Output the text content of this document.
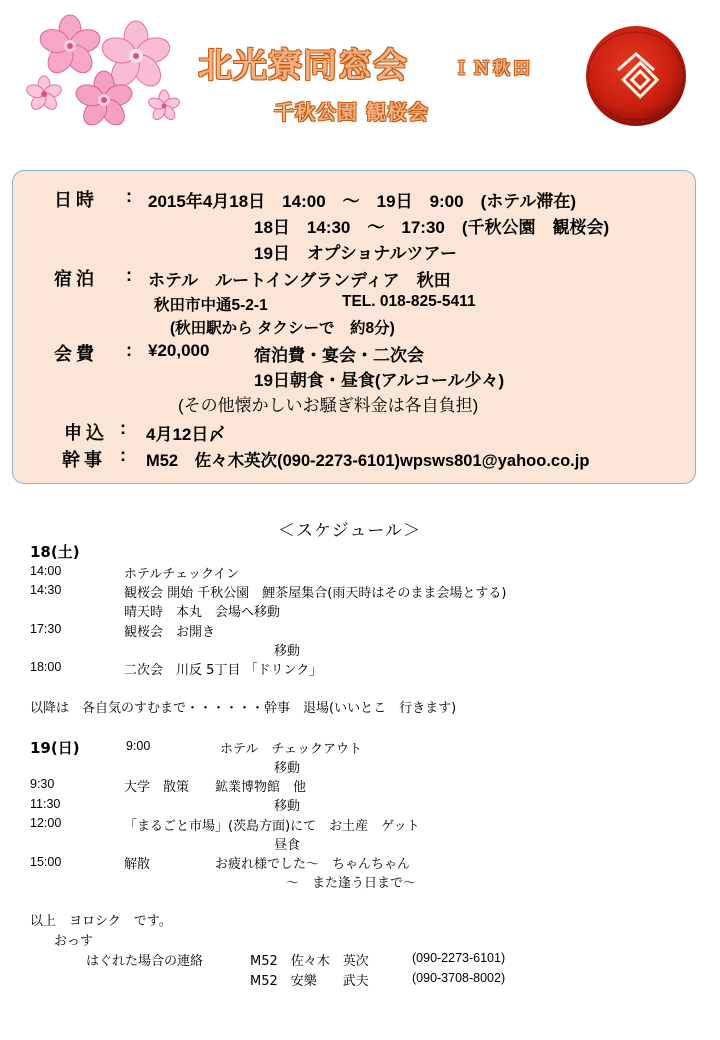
北光寮同窓会	ＩＮ秋田
千秋公園 観桜会
日時 : 2015年4月18日　14:00　～　19日　9:00　(ホテル滞在)
18日　14:30　～　17:30　(千秋公園　観桜会)
19日　オプショナルツアー
宿泊 : ホテル　ルートイングランディア　秋田
秋田市中通5-2-1	TEL. 018-825-5411
(秋田駅から タクシーで　約8分)
会費 : ¥20,000	宿泊費・宴会・二次会
19日朝食・昼食(アルコール少々)
(その他懐かしいお騒ぎ料金は各自負担)
申込 : 4月12日〆
幹事 : M52　佐々木英次(090-2273-6101)wpsws801@yahoo.co.jp
＜スケジュール＞
18(土)
14:00	ホテルチェックイン
14:30	観桜会 開始 千秋公園　鯉茶屋集合(雨天時はそのまま会場とする)
晴天時　本丸　会場へ移動
17:30	観桜会　お開き
移動
18:00	二次会　川反 5丁目 「ドリンク」
以降は　各自気のすむまで・・・・・・幹事　退場(いいとこ　行きます)
19(日)	9:00	ホテル　チェックアウト
移動
9:30	大学　散策　　鉱業博物館　他
11:30	移動
12:00	「まるごと市場」(茨島方面)にて　お土産　ゲット
昼食
15:00	解散　　　　　お疲れ様でした～　ちゃんちゃん
～　また逢う日まで～
以上　ヨロシク　です。
おっす
はぐれた場合の連絡	M52　佐々木　英次	(090-2273-6101)
M52　安樂　　武夫	(090-3708-8002)
